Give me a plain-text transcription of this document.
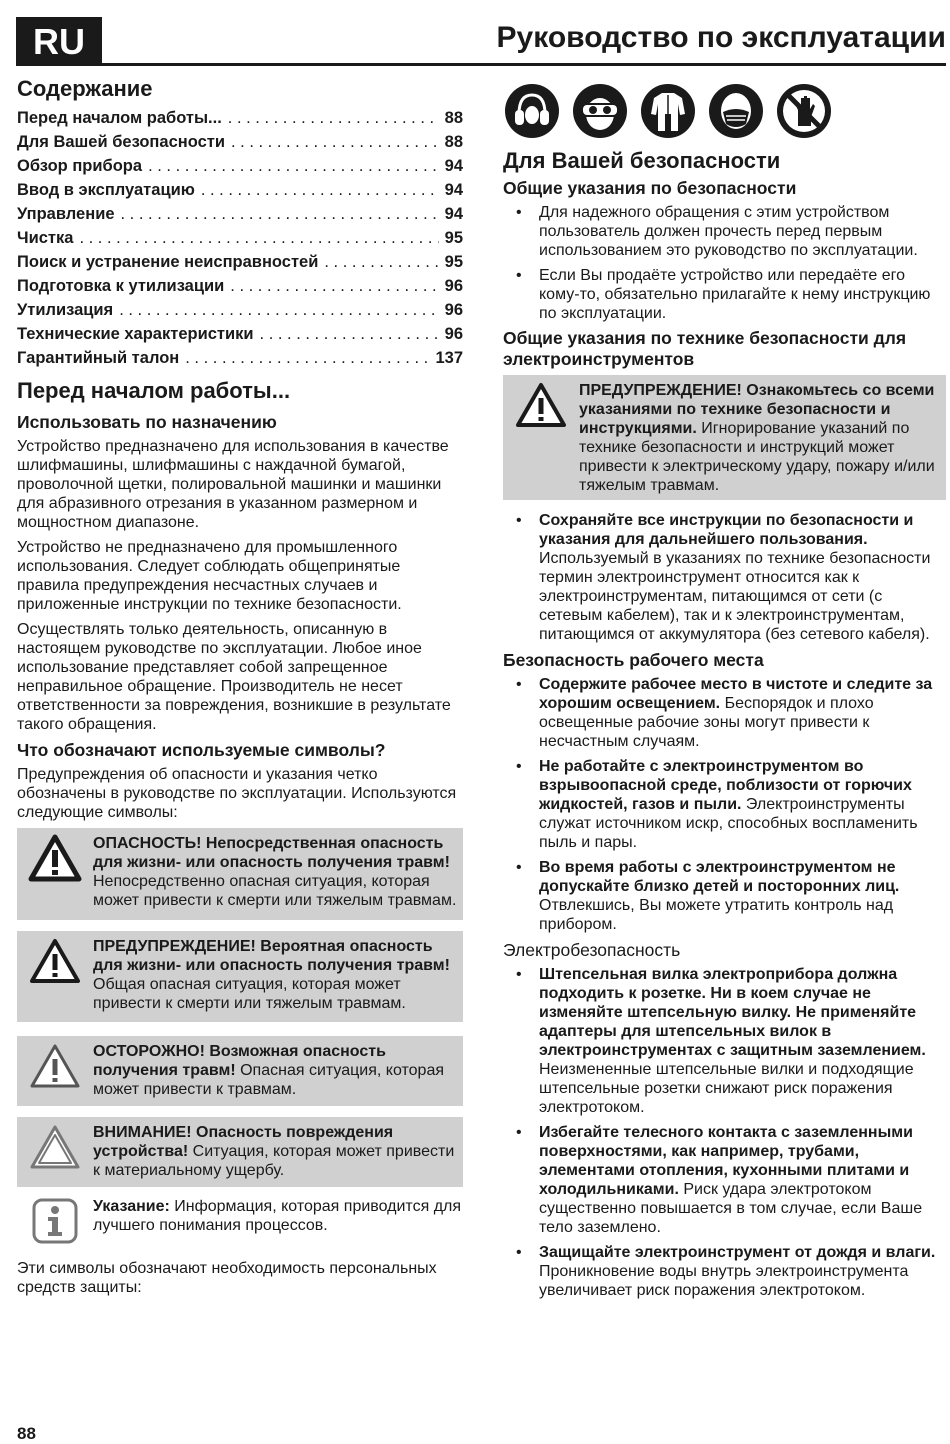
RU	Руководство по эксплуатации
Содержание
Перед началом работы... . . .	88
Для Вашей безопасности . . .	88
Обзор прибора . . .	94
Ввод в эксплуатацию . . .	94
Управление . . .	94
Чистка . . .	95
Поиск и устранение неисправностей . . .	95
Подготовка к утилизации . . .	96
Утилизация . . .	96
Технические характеристики . . .	96
Гарантийный талон . . .	137
Перед началом работы...
Использовать по назначению

Устройство предназначено для использования в качестве шлифмашины, шлифмашины с наждачной бумагой, проволочной щетки, полировальной машинки и машинки для абразивного отрезания в указанном размерном и мощностном диапазоне.

Устройство не предназначено для промышленного использования. Следует соблюдать общепринятые правила предупреждения несчастных случаев и приложенные инструкции по технике безопасности.

Осуществлять только деятельность, описанную в настоящем руководстве по эксплуатации. Любое иное использование представляет собой запрещенное неправильное обращение. Производитель не несет ответственности за повреждения, возникшие в результате такого обращения.

Что обозначают используемые символы?

Предупреждения об опасности и указания четко обозначены в руководстве по эксплуатации. Используются следующие символы:

ОПАСНОСТЬ! Непосредственная опасность для жизни- или опасность получения травм! Непосредственно опасная ситуация, которая может привести к смерти или тяжелым травмам.
ПРЕДУПРЕЖДЕНИЕ! Вероятная опасность для жизни- или опасность получения травм! Общая опасная ситуация, которая может привести к смерти или тяжелым травмам.
ОСТОРОЖНО! Возможная опасность получения травм! Опасная ситуация, которая может привести к травмам.
ВНИМАНИЕ! Опасность повреждения устройства! Ситуация, которая может привести к материальному ущербу.
Указание: Информация, которая приводится для лучшего понимания процессов.

Эти символы обозначают необходимость персональных средств защиты:

Для Вашей безопасности
Общие указания по безопасности
• Для надежного обращения с этим устройством пользователь должен прочесть перед первым использованием это руководство по эксплуатации.
• Если Вы продаёте устройство или передаёте его кому-то, обязательно прилагайте к нему инструкцию по эксплуатации.
Общие указания по технике безопасности для электроинструментов
ПРЕДУПРЕЖДЕНИЕ! Ознакомьтесь со всеми указаниями по технике безопасности и инструкциями. Игнорирование указаний по технике безопасности и инструкций может привести к электрическому удару, пожару и/или тяжелым травмам.
• Сохраняйте все инструкции по безопасности и указания для дальнейшего пользования. Используемый в указаниях по технике безопасности термин электроинструмент относится как к электроинструментам, питающимся от сети (с сетевым кабелем), так и к электроинструментам, питающимся от аккумулятора (без сетевого кабеля).
Безопасность рабочего места
• Содержите рабочее место в чистоте и следите за хорошим освещением. Беспорядок и плохо освещенные рабочие зоны могут привести к несчастным случаям.
• Не работайте с электроинструментом во взрывоопасной среде, поблизости от горючих жидкостей, газов и пыли. Электроинструменты служат источником искр, способных воспламенить пыль и пары.
• Во время работы с электроинструментом не допускайте близко детей и посторонних лиц. Отвлекшись, Вы можете утратить контроль над прибором.
Электробезопасность
• Штепсельная вилка электроприбора должна подходить к розетке. Ни в коем случае не изменяйте штепсельную вилку. Не применяйте адаптеры для штепсельных вилок в электроинструментах с защитным заземлением. Неизмененные штепсельные вилки и подходящие штепсельные розетки снижают риск поражения электротоком.
• Избегайте телесного контакта с заземленными поверхностями, как например, трубами, элементами отопления, кухонными плитами и холодильниками. Риск удара электротоком существенно повышается в том случае, если Ваше тело заземлено.
• Защищайте электроинструмент от дождя и влаги. Проникновение воды внутрь электроинструмента увеличивает риск поражения электротоком.
88
